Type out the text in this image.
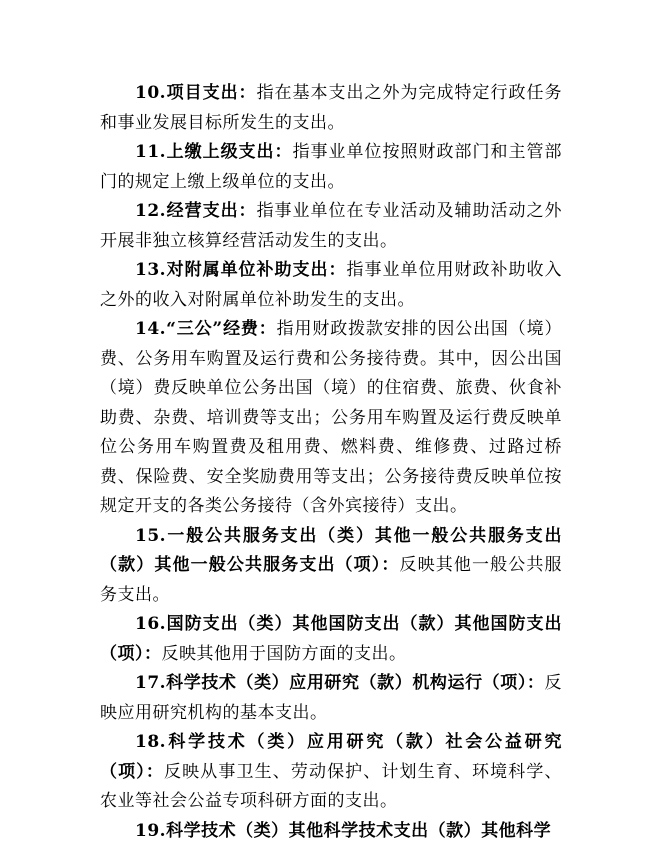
10.项目支出：指在基本支出之外为完成特定行政任务和事业发展目标所发生的支出。

11.上缴上级支出：指事业单位按照财政部门和主管部门的规定上缴上级单位的支出。

12.经营支出：指事业单位在专业活动及辅助活动之外开展非独立核算经营活动发生的支出。

13.对附属单位补助支出：指事业单位用财政补助收入之外的收入对附属单位补助发生的支出。

14.“三公”经费：指用财政拨款安排的因公出国（境）费、公务用车购置及运行费和公务接待费。其中，因公出国（境）费反映单位公务出国（境）的住宿费、旅费、伙食补助费、杂费、培训费等支出；公务用车购置及运行费反映单位公务用车购置费及租用费、燃料费、维修费、过路过桥费、保险费、安全奖励费用等支出；公务接待费反映单位按规定开支的各类公务接待（含外宾接待）支出。

15.一般公共服务支出（类）其他一般公共服务支出（款）其他一般公共服务支出（项）：反映其他一般公共服务支出。

16.国防支出（类）其他国防支出（款）其他国防支出（项）：反映其他用于国防方面的支出。

17.科学技术（类）应用研究（款）机构运行（项）：反映应用研究机构的基本支出。

18.科学技术（类）应用研究（款）社会公益研究（项）：反映从事卫生、劳动保护、计划生育、环境科学、农业等社会公益专项科研方面的支出。

19.科学技术（类）其他科学技术支出（款）其他科学
